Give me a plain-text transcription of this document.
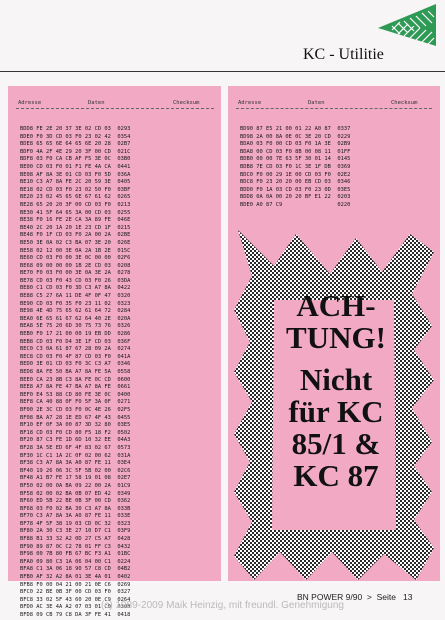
KC - Utilitie
Adresse	Daten	Checksum
BDD8 FE 2E 20 37 3E 02 CD 03  0293
BDE0 F0 3D CD 03 F0 23 02 42  0354
BDE8 65 65 6E 64 65 6E 20 28  02B7
BDF0 4A 2F 4E 29 20 3F 00 CD  021C
BDF8 03 F0 CA CB AF F5 3E 0C  03B0
BE00 CD 03 F0 01 F1 FE 4A CA  0441
BE08 AF 8A 3E 01 CD 03 F0 5D  036A
BE10 C3 A7 8A FE 2C 20 59 3E  0405
BE18 02 CD 03 F0 23 02 50 F0  03BF
BE20 23 02 45 65 6E 67 61 62  0265
BE28 65 20 20 3F 00 CD 03 F0  0213
BE30 41 5F 64 65 3A 00 CD 03  0255
BE38 F0 16 FE 2E CA 3A 89 FE  046E
BE40 2C 20 1A 20 1E 23 CD 1F  0215
BE48 F0 1F CD 03 F0 2A 00 2A  02BE
BE50 3E 0A 02 C3 BA 07 3E 20  026E
BE58 02 12 00 3E 0A 2A 1B 2E  015C
BE60 CD 03 F0 00 3E 0C 00 00  02F6
BE68 09 00 00 00 1B 2E CD 03  0208
BE70 F0 03 F0 00 3E 0A 3E 2A  0278
BE78 CD 03 F0 43 CD 03 F0 26  03DA
BE80 C1 CD 03 F0 3D C3 A7 8A  0422
BE88 C5 27 6A 11 DE 4F 0F 47  0320
BE90 CD 03 F0 35 F0 23 11 02  0323
BE98 4E 4D 75 65 62 61 64 72  0284
BEA0 6E 65 61 67 62 64 40 2E  020A
BEA8 5E 75 20 6D 30 75 73 76  0326
BEB0 F0 17 21 00 00 19 EB DD  0286
BEB8 CD 03 F0 D4 3E 1F CD 03  036F
BEC0 C3 0A 61 87 67 28 09 2A  0274
BEC8 CD 03 F0 4F 87 CD 03 F0  041A
BED0 3E 01 CD 03 F0 3C C3 A7  0346
BED8 8A FE 50 BA A7 8A FE 5A  0558
BEE0 CA 23 8B C3 8A FE 0C CD  0600
BEE8 A7 8A FE 47 BA A7 8A FE  0661
BEF0 E4 53 88 CD 80 FE 3E 0C  0400
BEF8 CA 40 88 0F F0 5F 3A 0F  0271
BF00 2E 3C CD 03 F0 0C 4E 26  02F5
BF08 BA A7 28 1E ED 67 4F 43  0455
BF10 EF 0F 3A 00 87 3D 32 80  03E5
BF18 CD 03 F0 CD 80 F5 18 F2  0502
BF20 87 C3 FE 1D 6D 10 32 EE  04A3
BF28 3A 5E ED 6F 4F 83 02 67  0573
BF30 1C C1 1A 2C 0F 02 00 62  031A
BF38 C3 A7 8A 3A A0 87 FE 11  03E4
BF40 19 26 06 3C 5F 5B 02 00  02C6
BF48 A1 B7 FE 17 58 19 01 08  02E7
BF50 02 00 0A BA 09 22 00 2A  01C9
BF58 02 00 02 BA 0B 07 ED 42  0349
BF60 ED 5B 22 BE 0B 3F 00 CD  0362
BF68 03 F0 02 BA 30 C3 A7 8A  033B
BF70 C3 A7 8A 3A A0 87 FE 11  033E
BF78 4F 5F 38 19 03 CD 0C 32  0323
BF80 2A 30 C3 3E 27 10 D7 C1  03F9
BF88 B1 33 32 A2 0D 27 C5 A7  0428
BF90 89 87 0C C2 78 01 FF C3  0432
BF98 00 7B 80 FB 67 BC F3 A1  01BC
BFA0 09 80 C3 1A 06 04 00 C1  0224
BFA8 C1 3A 06 18 90 57 C8 CD  04B2
BFB0 AF 32 A2 8A 01 3E 4A 01  0402
BFB8 F0 00 04 21 00 21 0E C6  0269
BFC0 22 BE 0B 3F 00 CD 03 F0  0327
BFC8 33 02 5F 43 60 20 0E C9  0264
BFD0 AC 3E 4A A2 07 03 01 C0  030B
BFD8 09 CB 79 C8 DA 3F FE 41  0418
Adresse	Daten	Checksum
BD90 87 E5 21 00 01 22 A0 87  0337
BD98 2A 00 8A 0E 0C 3E 20 CD  0229
BDA0 03 F0 00 CD 03 F0 1A 3E  02B9
BDA8 00 CD 03 F0 8B 00 08 11  01FF
BDB0 00 00 7E 63 5F 30 01 14  0145
BDB8 7E CD 03 F0 1C 3E 1F DB  0369
BDC0 F0 00 29 1E 00 CD 03 F0  02E2
BDC8 F0 23 20 20 00 EB CD 03  0346
BDD0 F0 1A 03 CD 03 F0 23 0D  03E5
BDD8 0A 0A 00 20 20 BF E1 22  0203
BDE0 A0 87 C9                 0220
ACH-
TUNG!
Nicht
für KC
85/1 &
KC 87
BN POWER 9/90  >  Seite   13
(c) 1989-2009 Maik Heinzig, mit freundl. Genehmigung
